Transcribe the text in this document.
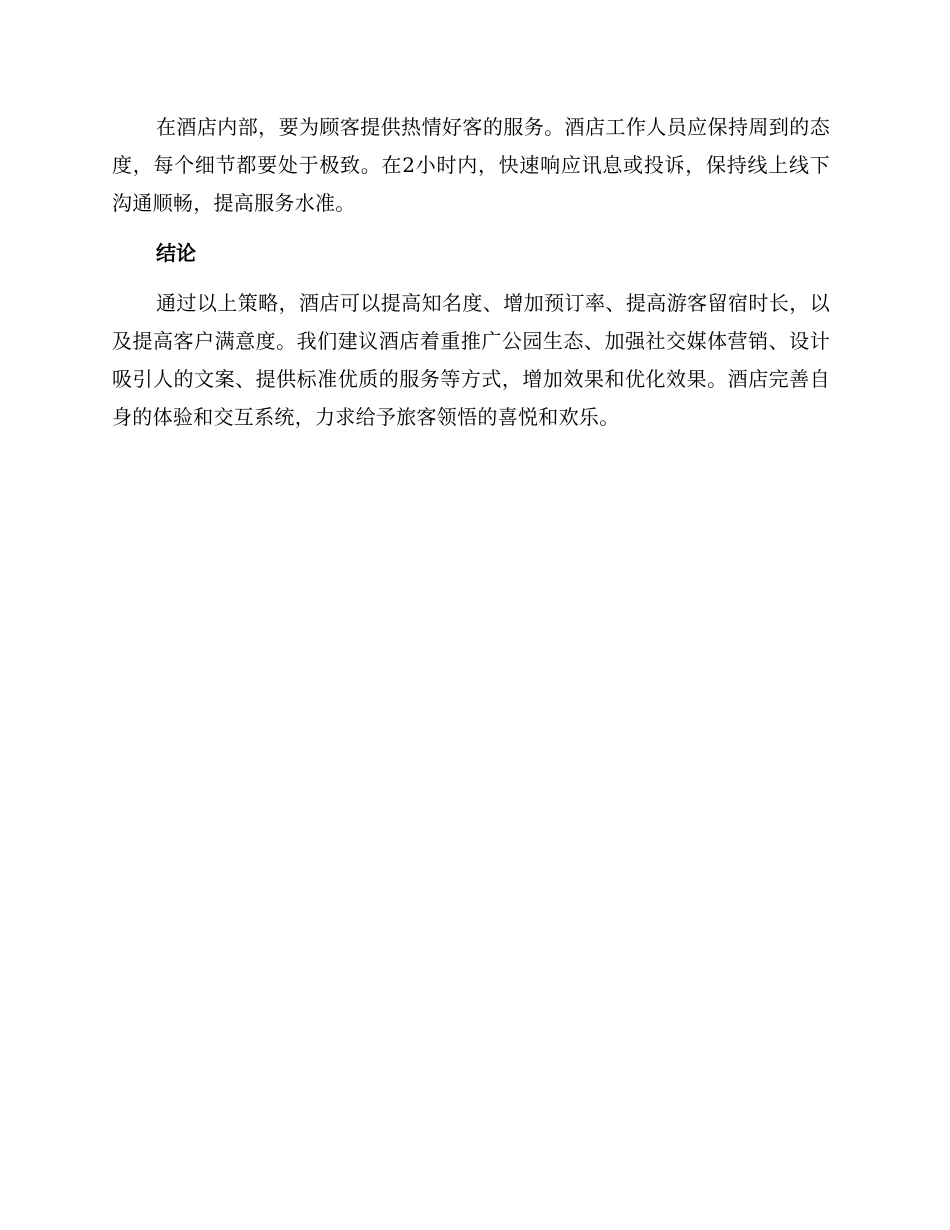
在酒店内部，要为顾客提供热情好客的服务。酒店工作人员应保持周到的态度，每个细节都要处于极致。在2小时内，快速响应讯息或投诉，保持线上线下沟通顺畅，提高服务水准。

结论

通过以上策略，酒店可以提高知名度、增加预订率、提高游客留宿时长，以及提高客户满意度。我们建议酒店着重推广公园生态、加强社交媒体营销、设计吸引人的文案、提供标准优质的服务等方式，增加效果和优化效果。酒店完善自身的体验和交互系统，力求给予旅客领悟的喜悦和欢乐。
